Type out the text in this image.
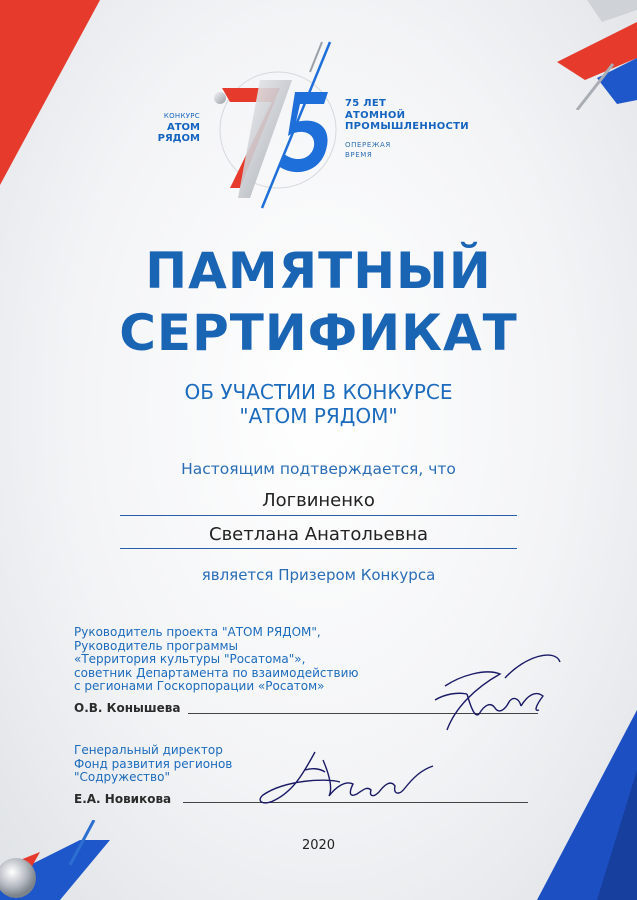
КОНКУРС
АТОМ
РЯДОМ
75 ЛЕТ
АТОМНОЙ
ПРОМЫШЛЕННОСТИ
ОПЕРЕЖАЯ
ВРЕМЯ
ПАМЯТНЫЙ
СЕРТИФИКАТ
ОБ УЧАСТИИ В КОНКУРСЕ
"АТОМ РЯДОМ"
Настоящим подтверждается, что
Логвиненко
Светлана Анатольевна
является Призером Конкурса
Руководитель проекта "АТОМ РЯДОМ",
Руководитель программы
«Территория культуры "Росатома"»,
советник Департамента по взаимодействию
с регионами Госкорпорации «Росатом»
О.В. Конышева
Генеральный директор
Фонд развития регионов
"Содружество"
Е.А. Новикова
2020
